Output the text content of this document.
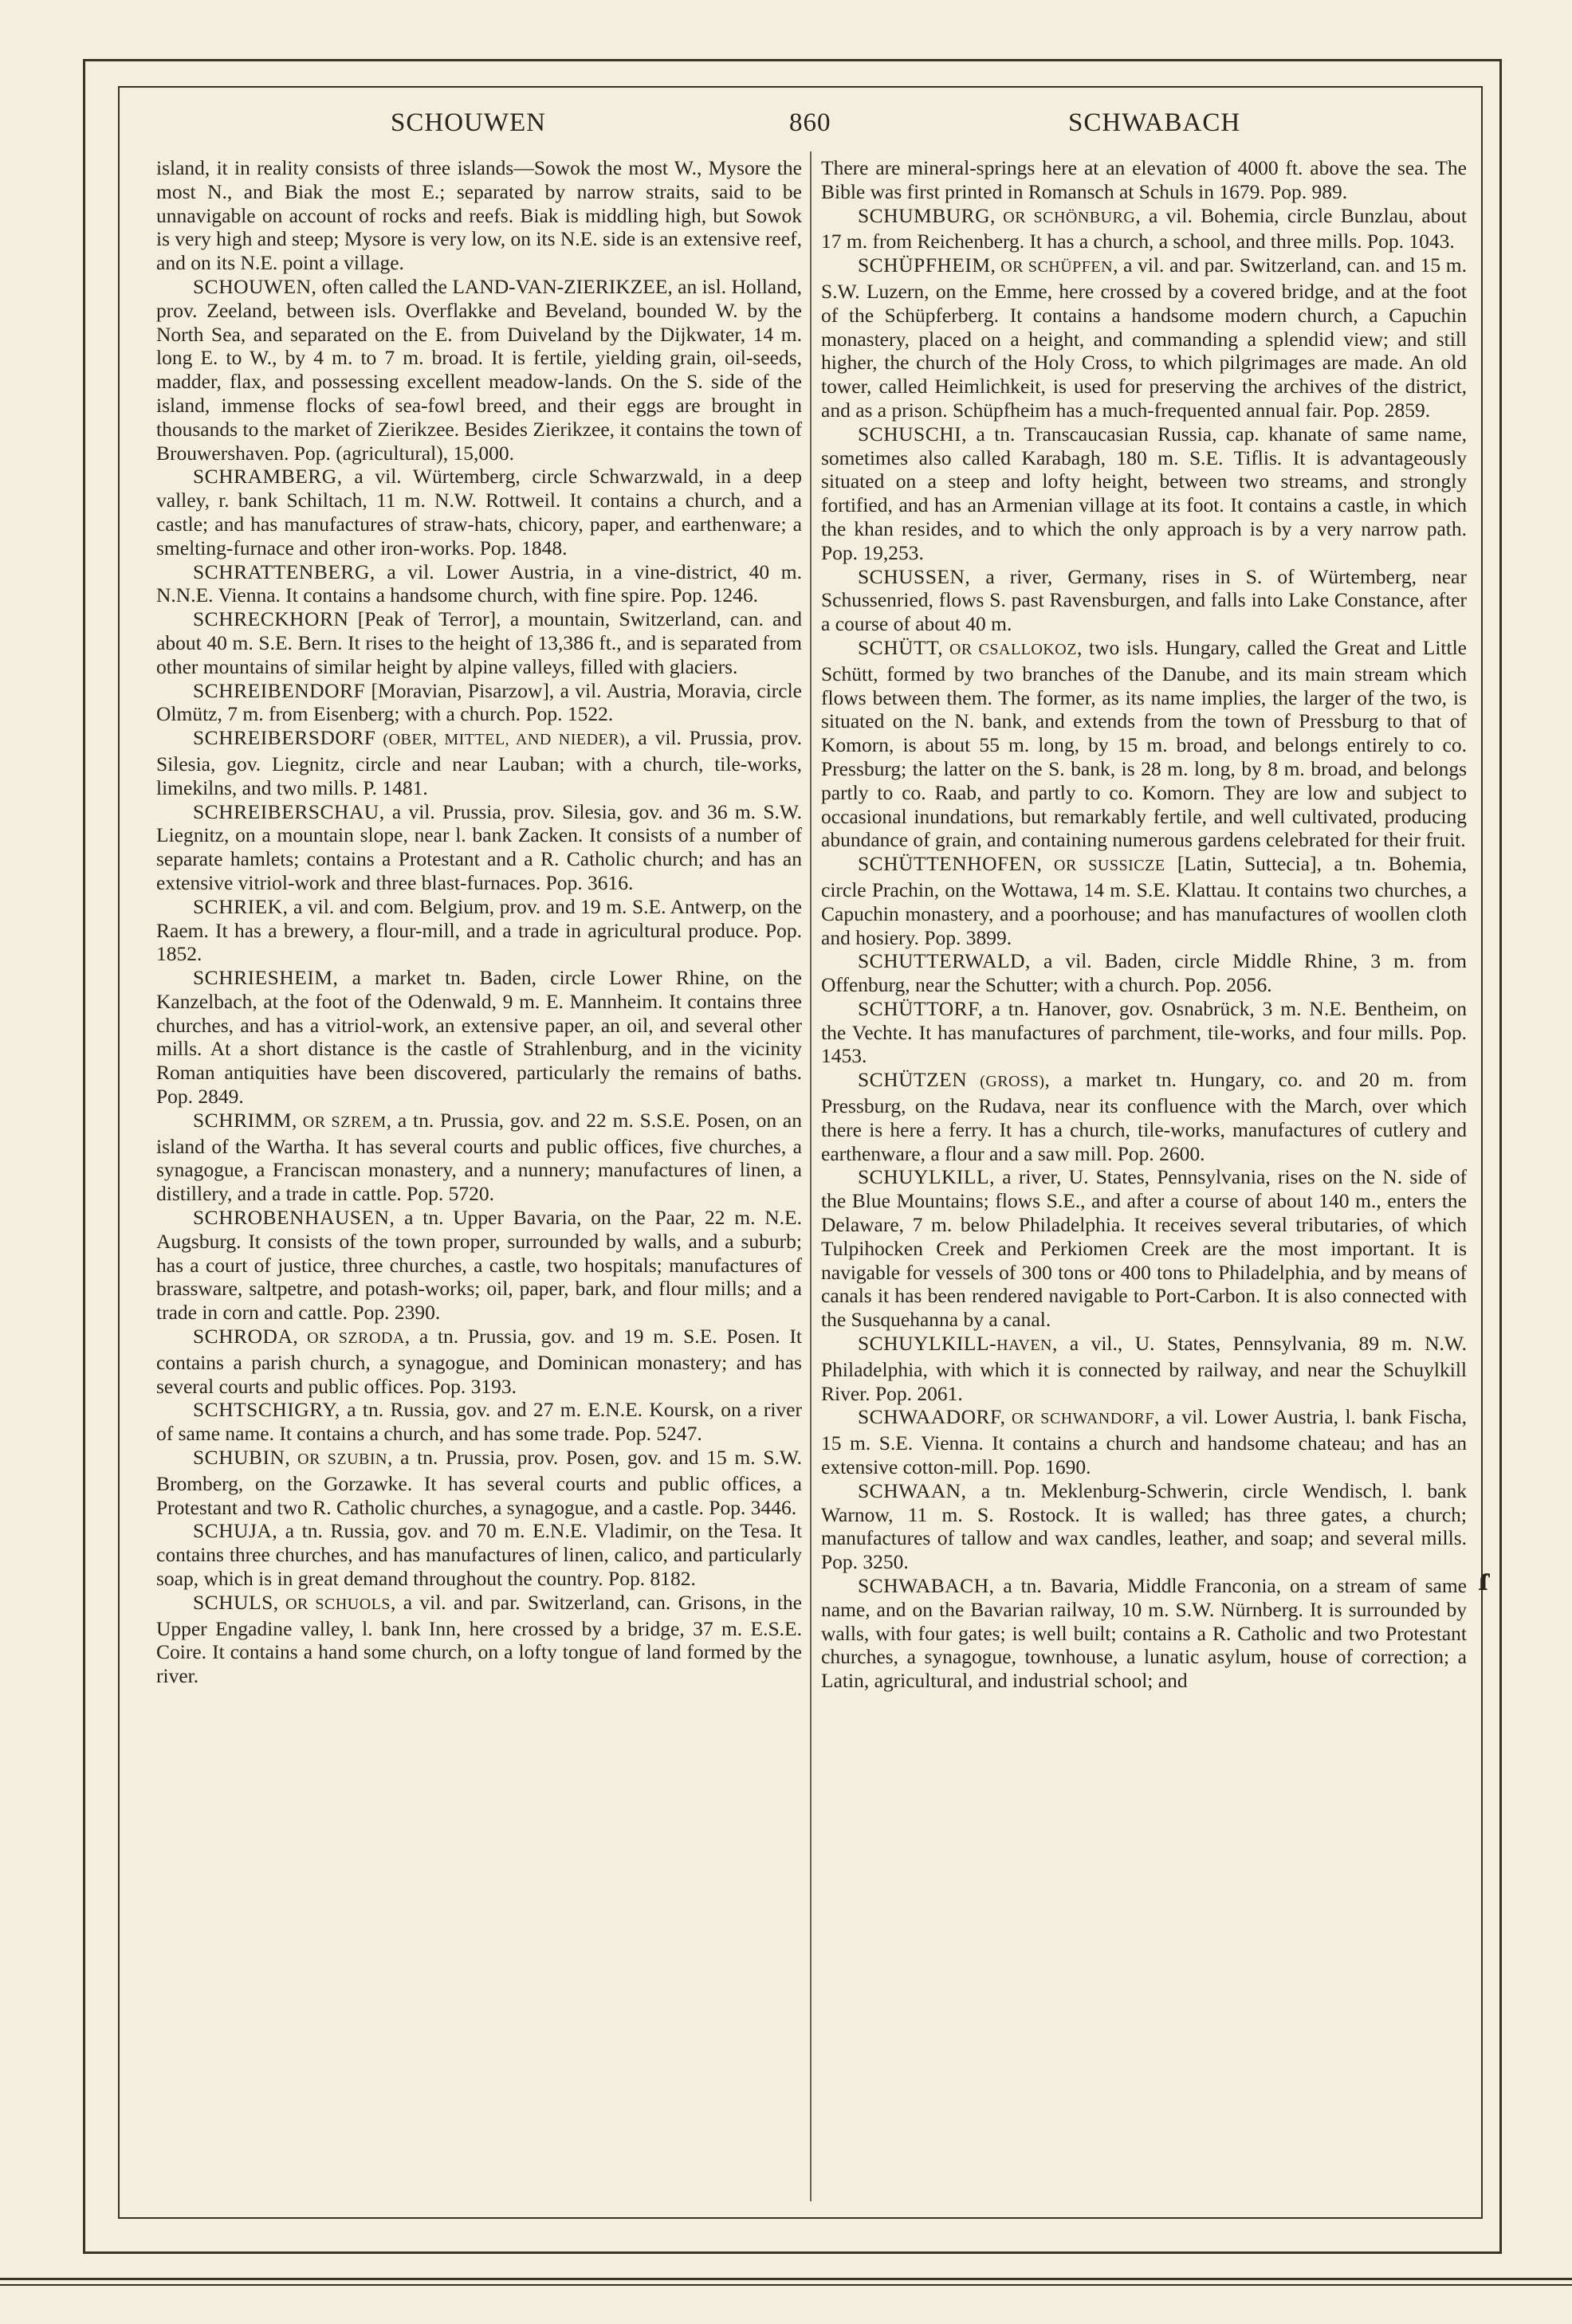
SCHOUWEN	860	SCHWABACH

island, it in reality consists of three islands—Sowok the most W., Mysore the most N., and Biak the most E.; separated by narrow straits, said to be unnavigable on account of rocks and reefs. Biak is middling high, but Sowok is very high and steep; Mysore is very low, on its N.E. side is an extensive reef, and on its N.E. point a village.

SCHOUWEN, often called the LAND-VAN-ZIERIKZEE, an isl. Holland, prov. Zeeland, between isls. Overflakke and Beveland, bounded W. by the North Sea, and separated on the E. from Duiveland by the Dijkwater, 14 m. long E. to W., by 4 m. to 7 m. broad. It is fertile, yielding grain, oil-seeds, madder, flax, and possessing excellent meadow-lands. On the S. side of the island, immense flocks of sea-fowl breed, and their eggs are brought in thousands to the market of Zierikzee. Besides Zierikzee, it contains the town of Brouwershaven. Pop. (agricultural), 15,000.

SCHRAMBERG, a vil. Würtemberg, circle Schwarzwald, in a deep valley, r. bank Schiltach, 11 m. N.W. Rottweil. It contains a church, and a castle; and has manufactures of straw-hats, chicory, paper, and earthenware; a smelting-furnace and other iron-works. Pop. 1848.

SCHRATTENBERG, a vil. Lower Austria, in a vine-district, 40 m. N.N.E. Vienna. It contains a handsome church, with fine spire. Pop. 1246.

SCHRECKHORN [Peak of Terror], a mountain, Switzerland, can. and about 40 m. S.E. Bern. It rises to the height of 13,386 ft., and is separated from other mountains of similar height by alpine valleys, filled with glaciers.

SCHREIBENDORF [Moravian, Pisarzow], a vil. Austria, Moravia, circle Olmütz, 7 m. from Eisenberg; with a church. Pop. 1522.

SCHREIBERSDORF (OBER, MITTEL, AND NIEDER), a vil. Prussia, prov. Silesia, gov. Liegnitz, circle and near Lauban; with a church, tile-works, limekilns, and two mills. P. 1481.

SCHREIBERSCHAU, a vil. Prussia, prov. Silesia, gov. and 36 m. S.W. Liegnitz, on a mountain slope, near l. bank Zacken. It consists of a number of separate hamlets; contains a Protestant and a R. Catholic church; and has an extensive vitriol-work and three blast-furnaces. Pop. 3616.

SCHRIEK, a vil. and com. Belgium, prov. and 19 m. S.E. Antwerp, on the Raem. It has a brewery, a flour-mill, and a trade in agricultural produce. Pop. 1852.

SCHRIESHEIM, a market tn. Baden, circle Lower Rhine, on the Kanzelbach, at the foot of the Odenwald, 9 m. E. Mannheim. It contains three churches, and has a vitriol-work, an extensive paper, an oil, and several other mills. At a short distance is the castle of Strahlenburg, and in the vicinity Roman antiquities have been discovered, particularly the remains of baths. Pop. 2849.

SCHRIMM, OR SZREM, a tn. Prussia, gov. and 22 m. S.S.E. Posen, on an island of the Wartha. It has several courts and public offices, five churches, a synagogue, a Franciscan monastery, and a nunnery; manufactures of linen, a distillery, and a trade in cattle. Pop. 5720.

SCHROBENHAUSEN, a tn. Upper Bavaria, on the Paar, 22 m. N.E. Augsburg. It consists of the town proper, surrounded by walls, and a suburb; has a court of justice, three churches, a castle, two hospitals; manufactures of brassware, saltpetre, and potash-works; oil, paper, bark, and flour mills; and a trade in corn and cattle. Pop. 2390.

SCHRODA, OR SZRODA, a tn. Prussia, gov. and 19 m. S.E. Posen. It contains a parish church, a synagogue, and Dominican monastery; and has several courts and public offices. Pop. 3193.

SCHTSCHIGRY, a tn. Russia, gov. and 27 m. E.N.E. Koursk, on a river of same name. It contains a church, and has some trade. Pop. 5247.

SCHUBIN, OR SZUBIN, a tn. Prussia, prov. Posen, gov. and 15 m. S.W. Bromberg, on the Gorzawke. It has several courts and public offices, a Protestant and two R. Catholic churches, a synagogue, and a castle. Pop. 3446.

SCHUJA, a tn. Russia, gov. and 70 m. E.N.E. Vladimir, on the Tesa. It contains three churches, and has manufactures of linen, calico, and particularly soap, which is in great demand throughout the country. Pop. 8182.

SCHULS, OR SCHUOLS, a vil. and par. Switzerland, can. Grisons, in the Upper Engadine valley, l. bank Inn, here crossed by a bridge, 37 m. E.S.E. Coire. It contains a hand some church, on a lofty tongue of land formed by the river.

There are mineral-springs here at an elevation of 4000 ft. above the sea. The Bible was first printed in Romansch at Schuls in 1679. Pop. 989.

SCHUMBURG, OR SCHÖNBURG, a vil. Bohemia, circle Bunzlau, about 17 m. from Reichenberg. It has a church, a school, and three mills. Pop. 1043.

SCHÜPFHEIM, OR SCHÜPFEN, a vil. and par. Switzerland, can. and 15 m. S.W. Luzern, on the Emme, here crossed by a covered bridge, and at the foot of the Schüpferberg. It contains a handsome modern church, a Capuchin monastery, placed on a height, and commanding a splendid view; and still higher, the church of the Holy Cross, to which pilgrimages are made. An old tower, called Heimlichkeit, is used for preserving the archives of the district, and as a prison. Schüpfheim has a much-frequented annual fair. Pop. 2859.

SCHUSCHI, a tn. Transcaucasian Russia, cap. khanate of same name, sometimes also called Karabagh, 180 m. S.E. Tiflis. It is advantageously situated on a steep and lofty height, between two streams, and strongly fortified, and has an Armenian village at its foot. It contains a castle, in which the khan resides, and to which the only approach is by a very narrow path. Pop. 19,253.

SCHUSSEN, a river, Germany, rises in S. of Würtemberg, near Schussenried, flows S. past Ravensburgen, and falls into Lake Constance, after a course of about 40 m.

SCHÜTT, OR CSALLOKOZ, two isls. Hungary, called the Great and Little Schütt, formed by two branches of the Danube, and its main stream which flows between them. The former, as its name implies, the larger of the two, is situated on the N. bank, and extends from the town of Pressburg to that of Komorn, is about 55 m. long, by 15 m. broad, and belongs entirely to co. Pressburg; the latter on the S. bank, is 28 m. long, by 8 m. broad, and belongs partly to co. Raab, and partly to co. Komorn. They are low and subject to occasional inundations, but remarkably fertile, and well cultivated, producing abundance of grain, and containing numerous gardens celebrated for their fruit.

SCHÜTTENHOFEN, OR SUSSICZE [Latin, Suttecia], a tn. Bohemia, circle Prachin, on the Wottawa, 14 m. S.E. Klattau. It contains two churches, a Capuchin monastery, and a poorhouse; and has manufactures of woollen cloth and hosiery. Pop. 3899.

SCHUTTERWALD, a vil. Baden, circle Middle Rhine, 3 m. from Offenburg, near the Schutter; with a church. Pop. 2056.

SCHÜTTORF, a tn. Hanover, gov. Osnabrück, 3 m. N.E. Bentheim, on the Vechte. It has manufactures of parchment, tile-works, and four mills. Pop. 1453.

SCHÜTZEN (GROSS), a market tn. Hungary, co. and 20 m. from Pressburg, on the Rudava, near its confluence with the March, over which there is here a ferry. It has a church, tile-works, manufactures of cutlery and earthenware, a flour and a saw mill. Pop. 2600.

SCHUYLKILL, a river, U. States, Pennsylvania, rises on the N. side of the Blue Mountains; flows S.E., and after a course of about 140 m., enters the Delaware, 7 m. below Philadelphia. It receives several tributaries, of which Tulpihocken Creek and Perkiomen Creek are the most important. It is navigable for vessels of 300 tons or 400 tons to Philadelphia, and by means of canals it has been rendered navigable to Port-Carbon. It is also connected with the Susquehanna by a canal.

SCHUYLKILL-HAVEN, a vil., U. States, Pennsylvania, 89 m. N.W. Philadelphia, with which it is connected by railway, and near the Schuylkill River. Pop. 2061.

SCHWAADORF, OR SCHWANDORF, a vil. Lower Austria, l. bank Fischa, 15 m. S.E. Vienna. It contains a church and handsome chateau; and has an extensive cotton-mill. Pop. 1690.

SCHWAAN, a tn. Meklenburg-Schwerin, circle Wendisch, l. bank Warnow, 11 m. S. Rostock. It is walled; has three gates, a church; manufactures of tallow and wax candles, leather, and soap; and several mills. Pop. 3250.

SCHWABACH, a tn. Bavaria, Middle Franconia, on a stream of same name, and on the Bavarian railway, 10 m. S.W. Nürnberg. It is surrounded by walls, with four gates; is well built; contains a R. Catholic and two Protestant churches, a synagogue, townhouse, a lunatic asylum, house of correction; a Latin, agricultural, and industrial school; and

ɾ
